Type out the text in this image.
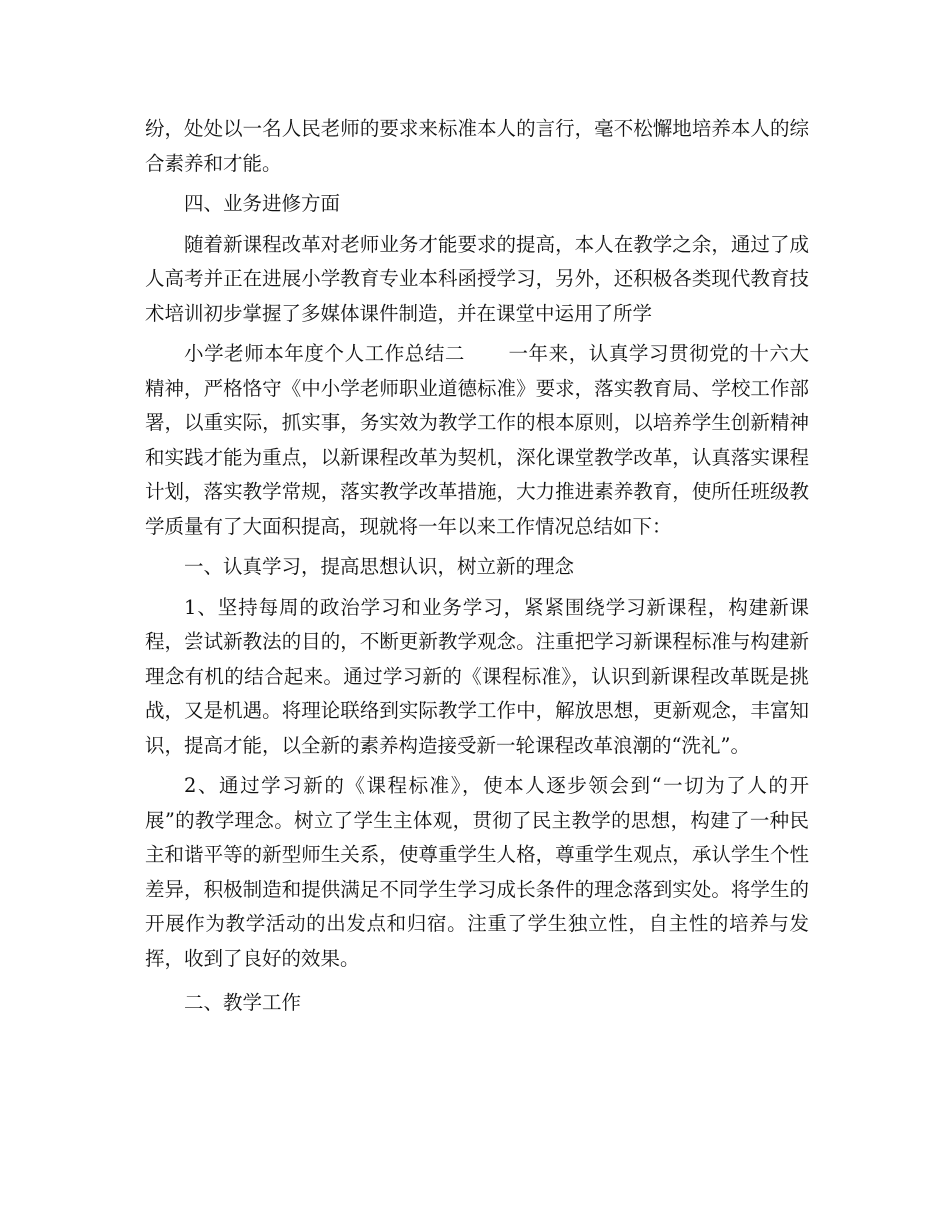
纷，处处以一名人民老师的要求来标准本人的言行，毫不松懈地培养本人的综合素养和才能。

四、业务进修方面

随着新课程改革对老师业务才能要求的提高，本人在教学之余，通过了成人高考并正在进展小学教育专业本科函授学习，另外，还积极各类现代教育技术培训初步掌握了多媒体课件制造，并在课堂中运用了所学

小学老师本年度个人工作总结二 一年来，认真学习贯彻党的十六大精神，严格恪守《中小学老师职业道德标准》要求，落实教育局、学校工作部署，以重实际，抓实事，务实效为教学工作的根本原则，以培养学生创新精神和实践才能为重点，以新课程改革为契机，深化课堂教学改革，认真落实课程计划，落实教学常规，落实教学改革措施，大力推进素养教育，使所任班级教学质量有了大面积提高，现就将一年以来工作情况总结如下：

一、认真学习，提高思想认识，树立新的理念

1、坚持每周的政治学习和业务学习，紧紧围绕学习新课程，构建新课程，尝试新教法的目的，不断更新教学观念。注重把学习新课程标准与构建新理念有机的结合起来。通过学习新的《课程标准》，认识到新课程改革既是挑战，又是机遇。将理论联络到实际教学工作中，解放思想，更新观念，丰富知识，提高才能，以全新的素养构造接受新一轮课程改革浪潮的“洗礼”。

2、通过学习新的《课程标准》，使本人逐步领会到“一切为了人的开展”的教学理念。树立了学生主体观，贯彻了民主教学的思想，构建了一种民主和谐平等的新型师生关系，使尊重学生人格，尊重学生观点，承认学生个性差异，积极制造和提供满足不同学生学习成长条件的理念落到实处。将学生的开展作为教学活动的出发点和归宿。注重了学生独立性，自主性的培养与发挥，收到了良好的效果。

二、教学工作
